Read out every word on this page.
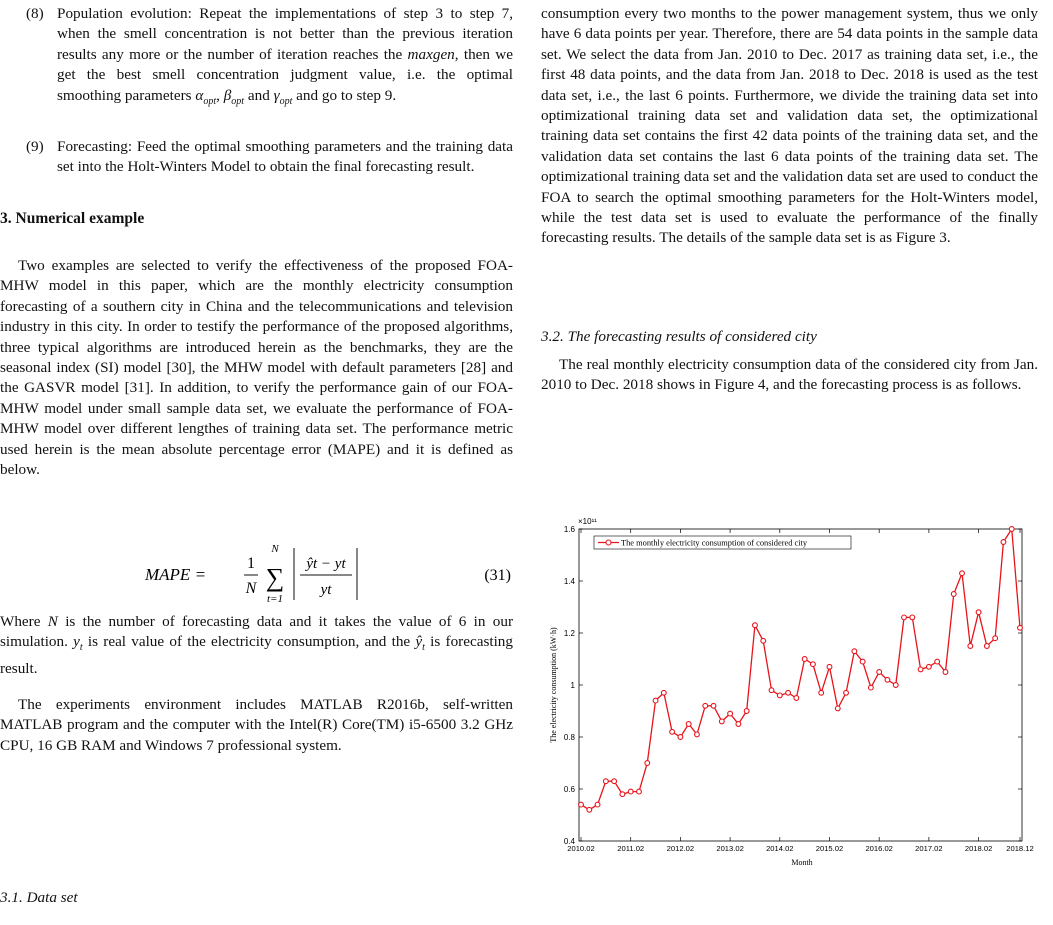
(8) Population evolution: Repeat the implementations of step 3 to step 7, when the smell concentration is not better than the previous iteration results any more or the number of iteration reaches the maxgen, then we get the best smell concentration judgment value, i.e. the optimal smoothing parameters $\alpha_{opt}$, $\beta_{opt}$ and $\gamma_{opt}$ and go to step 9.
(9) Forecasting: Feed the optimal smoothing parameters and the training data set into the Holt-Winters Model to obtain the final forecasting result.
3. Numerical example

Two examples are selected to verify the effectiveness of the proposed FOA-MHW model in this paper, which are the monthly electricity consumption forecasting of a southern city in China and the telecommunications and television industry in this city. In order to testify the performance of the proposed algorithms, three typical algorithms are introduced herein as the benchmarks, they are the seasonal index (SI) model [30], the MHW model with default parameters [28] and the GASVR model [31]. In addition, to verify the performance gain of our FOA-MHW model under small sample data set, we evaluate the performance of FOA-MHW model over different lengthes of training data set. The performance metric used herein is the mean absolute percentage error (MAPE) and it is defined as below.

MAPE =
1
N
N
∑
t=1
ŷt − yt
yt
(31)

Where N is the number of forecasting data and it takes the value of 6 in our simulation. $y_t$ is real value of the electricity consumption, and the $ŷ_t$ is forecasting result.

The experiments environment includes MATLAB R2016b, self-written MATLAB program and the computer with the Intel(R) Core(TM) i5-6500 3.2 GHz CPU, 16 GB RAM and Windows 7 professional system.

3.1. Data set

consumption every two months to the power management system, thus we only have 6 data points per year. Therefore, there are 54 data points in the sample data set. We select the data from Jan. 2010 to Dec. 2017 as training data set, i.e., the first 48 data points, and the data from Jan. 2018 to Dec. 2018 is used as the test data set, i.e., the last 6 points. Furthermore, we divide the training data set into optimizational training data set and validation data set, the optimizational training data set contains the first 42 data points of the training data set, and the validation data set contains the last 6 data points of the training data set. The optimizational training data set and the validation data set are used to conduct the FOA to search the optimal smoothing parameters for the Holt-Winters model, while the test data set is used to evaluate the performance of the finally forecasting results. The details of the sample data set is as Figure 3.

3.2. The forecasting results of considered city

The real monthly electricity consumption data of the considered city from Jan. 2010 to Dec. 2018 shows in Figure 4, and the forecasting process is as follows.

×10¹¹
0.4
0.6
0.8
1
1.2
1.4
1.6
2010.02	2011.02	2012.02	2013.02	2014.02	2015.02	2016.02	2017.02	2018.02 2018.12
The monthly electricity consumption of considered city
Month
The electricity consumption (kW·h)
